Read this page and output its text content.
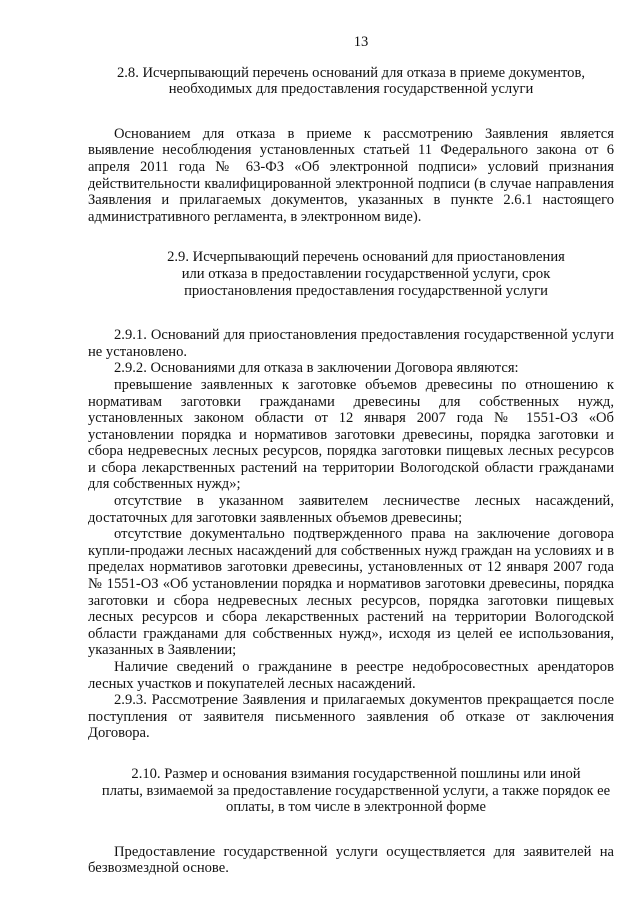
13

2.8. Исчерпывающий перечень оснований для отказа в приеме документов,

необходимых для предоставления государственной услуги

Основанием для отказа в приеме к рассмотрению Заявления является выявление несоблюдения установленных статьей 11 Федерального закона от 6 апреля 2011 года № 63-ФЗ «Об электронной подписи» условий признания действительности квалифицированной электронной подписи (в случае направления Заявления и прилагаемых документов, указанных в пункте 2.6.1 настоящего административного регламента, в электронном виде).

2.9. Исчерпывающий перечень оснований для приостановления

или отказа в предоставлении государственной услуги, срок

приостановления предоставления государственной услуги

2.9.1. Оснований для приостановления предоставления государственной услуги не установлено.

2.9.2. Основаниями для отказа в заключении Договора являются:

превышение заявленных к заготовке объемов древесины по отношению к нормативам заготовки гражданами древесины для собственных нужд, установленных законом области от 12 января 2007 года № 1551-ОЗ «Об установлении порядка и нормативов заготовки древесины, порядка заготовки и сбора недревесных лесных ресурсов, порядка заготовки пищевых лесных ресурсов и сбора лекарственных растений на территории Вологодской области гражданами для собственных нужд»;

отсутствие в указанном заявителем лесничестве лесных насаждений, достаточных для заготовки заявленных объемов древесины;

отсутствие документально подтвержденного права на заключение договора купли-продажи лесных насаждений для собственных нужд граждан на условиях и в пределах нормативов заготовки древесины, установленных от 12 января 2007 года № 1551-ОЗ «Об установлении порядка и нормативов заготовки древесины, порядка заготовки и сбора недревесных лесных ресурсов, порядка заготовки пищевых лесных ресурсов и сбора лекарственных растений на территории Вологодской области гражданами для собственных нужд», исходя из целей ее использования, указанных в Заявлении;

Наличие сведений о гражданине в реестре недобросовестных арендаторов лесных участков и покупателей лесных насаждений.

2.9.3. Рассмотрение Заявления и прилагаемых документов прекращается после поступления от заявителя письменного заявления об отказе от заключения Договора.

2.10. Размер и основания взимания государственной пошлины или иной

платы, взимаемой за предоставление государственной услуги, а также порядок ее

оплаты, в том числе в электронной форме

Предоставление государственной услуги осуществляется для заявителей на безвозмездной основе.
